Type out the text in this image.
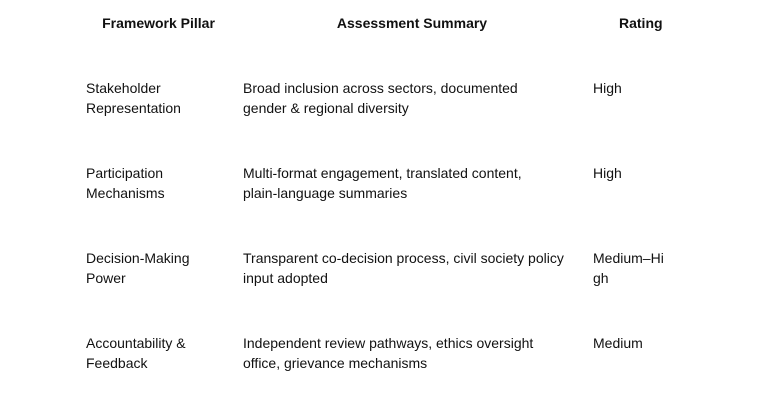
Framework Pillar	Assessment Summary	Rating
Stakeholder
Representation
Broad inclusion across sectors, documented
gender & regional diversity
High
Participation
Mechanisms
Multi-format engagement, translated content,
plain-language summaries
High
Decision-Making
Power
Transparent co-decision process, civil society policy
input adopted
Medium–Hi
gh
Accountability &
Feedback
Independent review pathways, ethics oversight
office, grievance mechanisms
Medium
